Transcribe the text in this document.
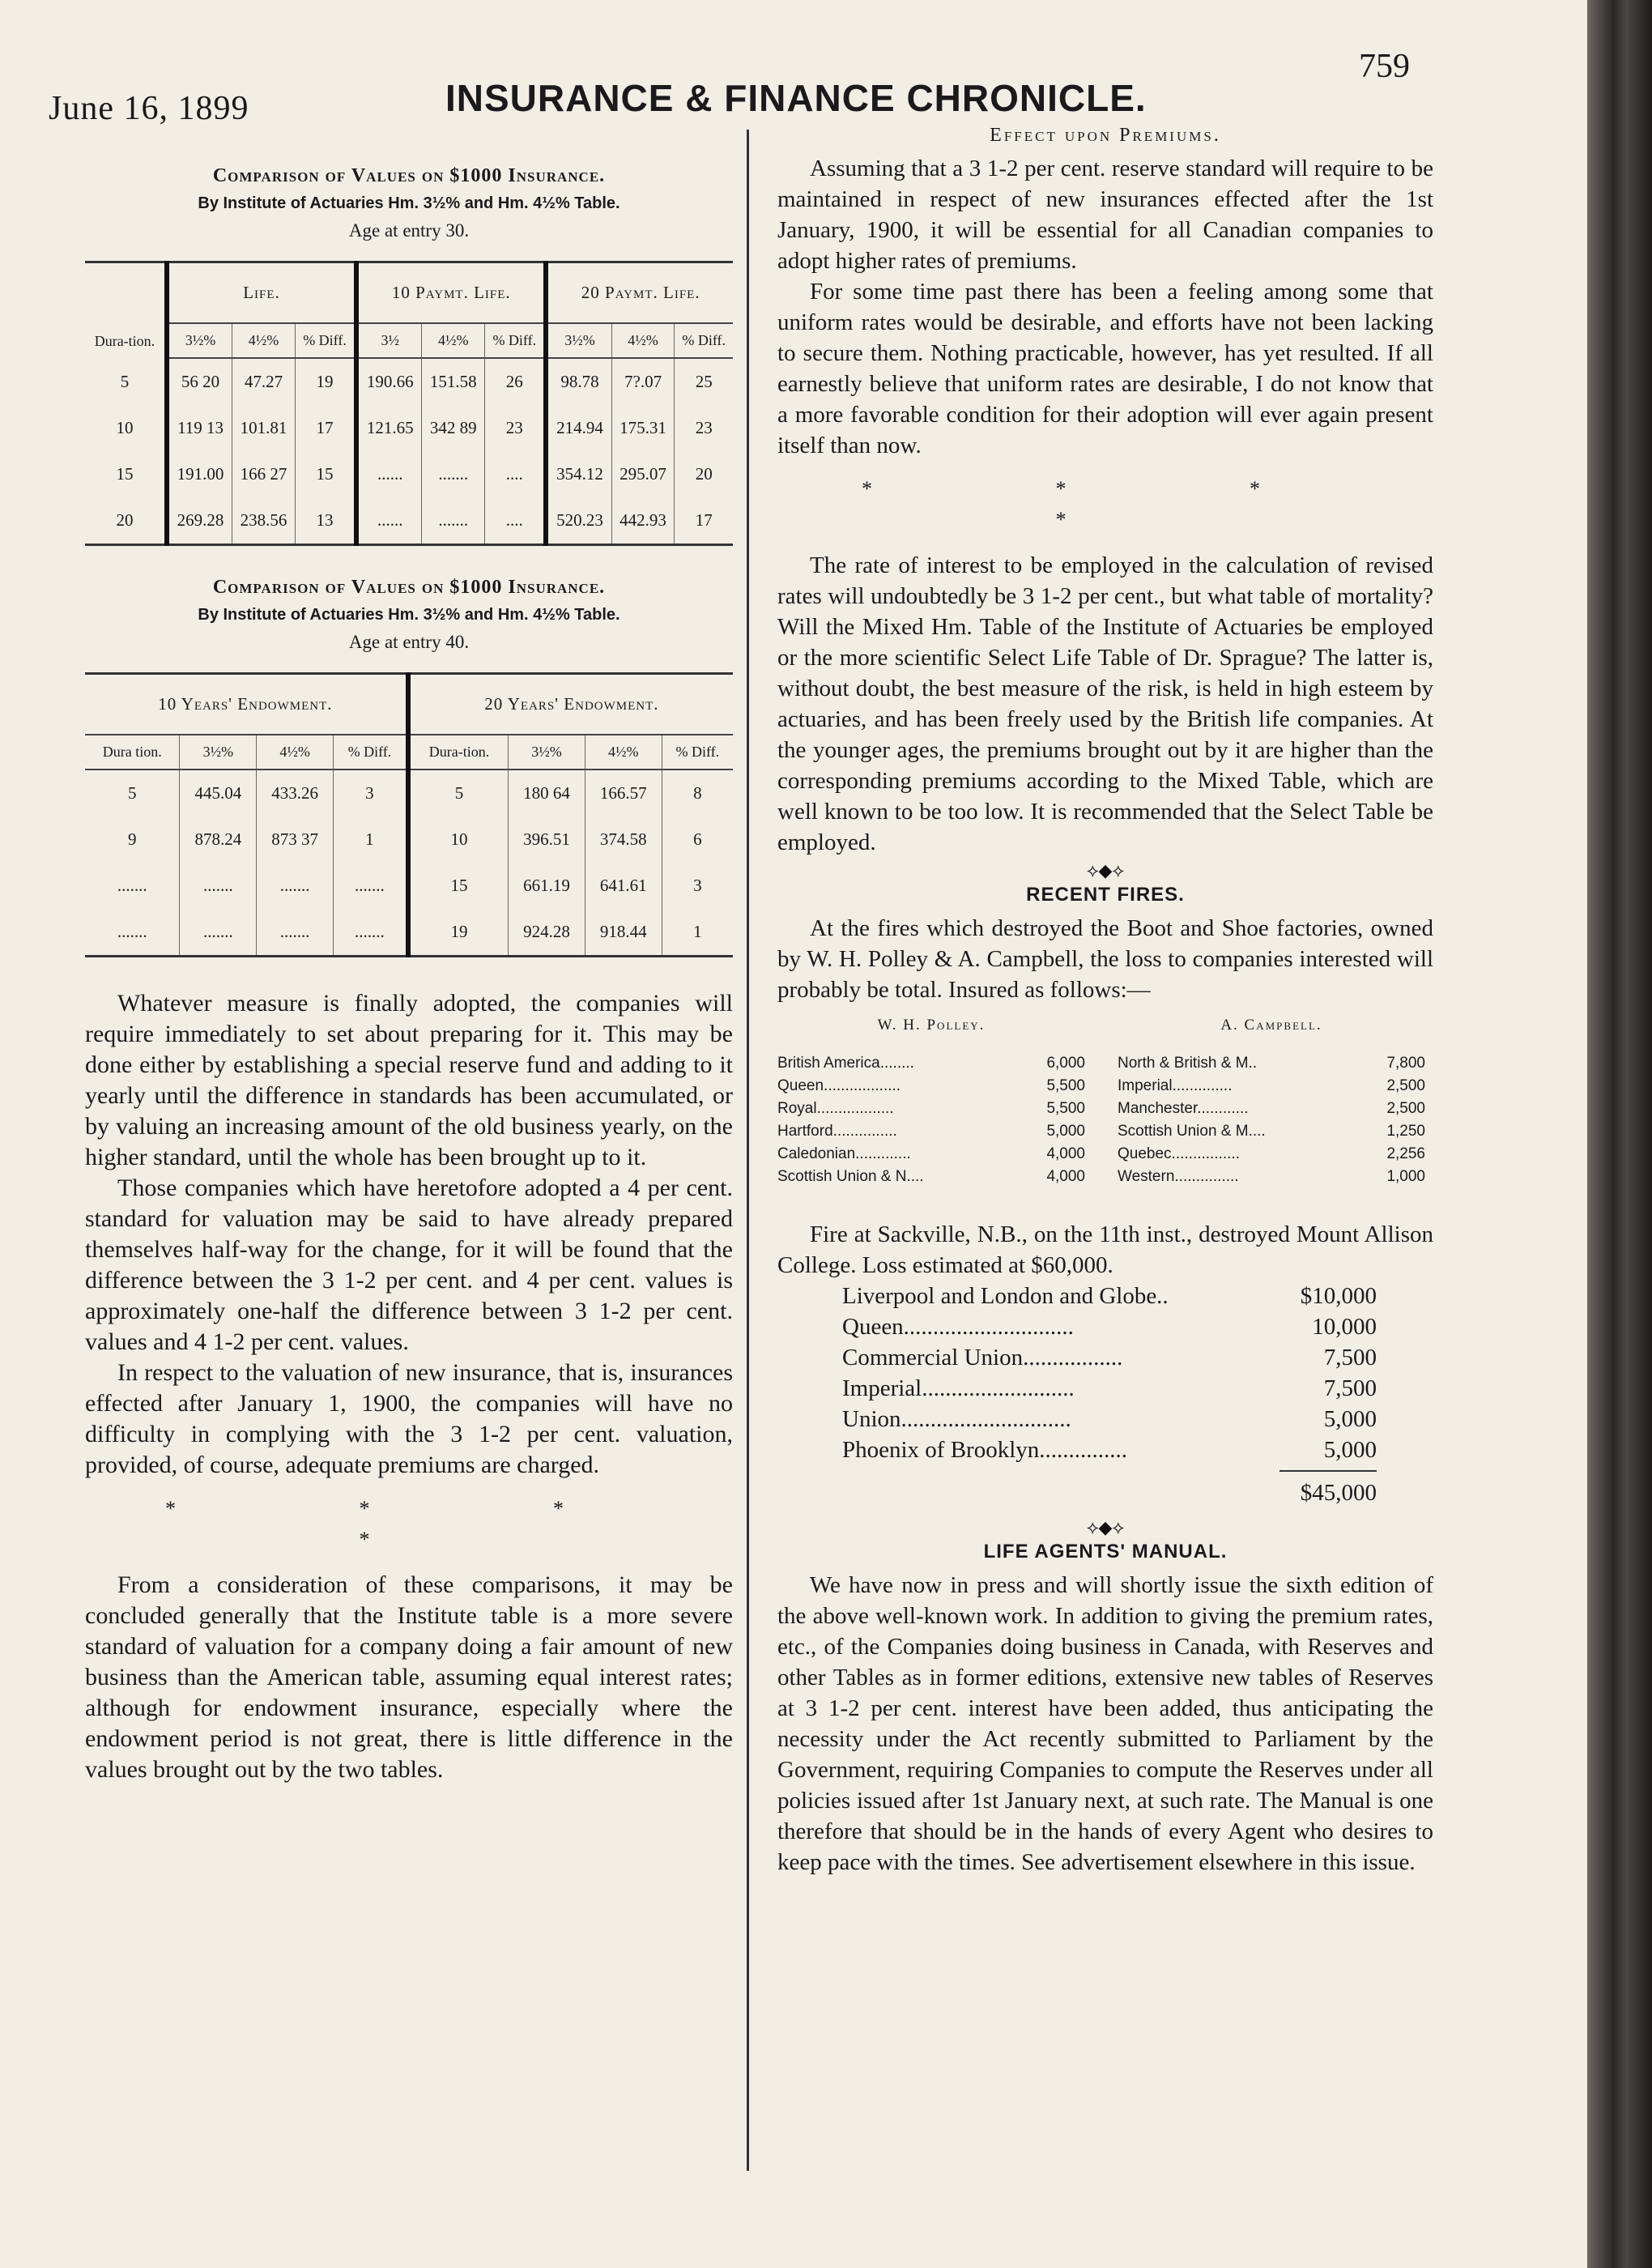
June 16, 1899	INSURANCE & FINANCE CHRONICLE.
759
Comparison of Values on $1000 Insurance.
By Institute of Actuaries Hm. 3½% and Hm. 4½% Table.
Age at entry 30.
Dura-tion.	Life.			10 Paymt. Life.			20 Paymt. Life.		
	3½%	4½%	% Diff.	3½	4½%	% Diff.	3½%	4½%	% Diff.
5	56 20	47.27	19	190.66	151.58	26	98.78	7?.07	25
10	119 13	101.81	17	121.65	342 89	23	214.94	175.31	23
15	191.00	166 27	15	......	.......	....	354.12	295.07	20
20	269.28	238.56	13	......	.......	....	520.23	442.93	17
Comparison of Values on $1000 Insurance.
By Institute of Actuaries Hm. 3½% and Hm. 4½% Table.
Age at entry 40.
10 Years' Endowment.				20 Years' Endowment.			
Dura tion.	3½%	4½%	% Diff.	Dura-tion.	3½%	4½%	% Diff.
5	445.04	433.26	3	5	180 64	166.57	8
9	878.24	873 37	1	10	396.51	374.58	6
.......	.......	.......	.......	15	661.19	641.61	3
.......	.......	.......	.......	19	924.28	918.44	1

Whatever measure is finally adopted, the companies will require immediately to set about preparing for it. This may be done either by establishing a special reserve fund and adding to it yearly until the difference in standards has been accumulated, or by valuing an increasing amount of the old business yearly, on the higher standard, until the whole has been brought up to it.

Those companies which have heretofore adopted a 4 per cent. standard for valuation may be said to have already prepared themselves half-way for the change, for it will be found that the difference between the 3 1-2 per cent. and 4 per cent. values is approximately one-half the difference between 3 1-2 per cent. values and 4 1-2 per cent. values.

In respect to the valuation of new insurance, that is, insurances effected after January 1, 1900, the companies will have no difficulty in complying with the 3 1-2 per cent. valuation, provided, of course, adequate premiums are charged.

* * * *

From a consideration of these comparisons, it may be concluded generally that the Institute table is a more severe standard of valuation for a company doing a fair amount of new business than the American table, assuming equal interest rates; although for endowment insurance, especially where the endowment period is not great, there is little difference in the values brought out by the two tables.

Effect upon Premiums.

Assuming that a 3 1-2 per cent. reserve standard will require to be maintained in respect of new insurances effected after the 1st January, 1900, it will be essential for all Canadian companies to adopt higher rates of premiums.

For some time past there has been a feeling among some that uniform rates would be desirable, and efforts have not been lacking to secure them. Nothing practicable, however, has yet resulted. If all earnestly believe that uniform rates are desirable, I do not know that a more favorable condition for their adoption will ever again present itself than now.

* * * *

The rate of interest to be employed in the calculation of revised rates will undoubtedly be 3 1-2 per cent., but what table of mortality? Will the Mixed Hm. Table of the Institute of Actuaries be employed or the more scientific Select Life Table of Dr. Sprague? The latter is, without doubt, the best measure of the risk, is held in high esteem by actuaries, and has been freely used by the British life companies. At the younger ages, the premiums brought out by it are higher than the corresponding premiums according to the Mixed Table, which are well known to be too low. It is recommended that the Select Table be employed.

⟡◆⟡
RECENT FIRES.

At the fires which destroyed the Boot and Shoe factories, owned by W. H. Polley & A. Campbell, the loss to companies interested will probably be total. Insured as follows:—

W. H. Polley.
British America........	6,000
Queen..................	5,500
Royal..................	5,500
Hartford...............	5,000
Caledonian.............	4,000
Scottish Union & N....	4,000
A. Campbell.
North & British & M..	7,800
Imperial..............	2,500
Manchester............	2,500
Scottish Union & M....	1,250
Quebec................	2,256
Western...............	1,000

Fire at Sackville, N.B., on the 11th inst., destroyed Mount Allison College. Loss estimated at $60,000.

Liverpool and London and Globe..	$10,000
Queen.............................	10,000
Commercial Union.................	7,500
Imperial..........................	7,500
Union.............................	5,000
Phoenix of Brooklyn...............	5,000
$45,000
⟡◆⟡
LIFE AGENTS' MANUAL.

We have now in press and will shortly issue the sixth edition of the above well-known work. In addition to giving the premium rates, etc., of the Companies doing business in Canada, with Reserves and other Tables as in former editions, extensive new tables of Reserves at 3 1-2 per cent. interest have been added, thus anticipating the necessity under the Act recently submitted to Parliament by the Government, requiring Companies to compute the Reserves under all policies issued after 1st January next, at such rate. The Manual is one therefore that should be in the hands of every Agent who desires to keep pace with the times. See advertisement elsewhere in this issue.
